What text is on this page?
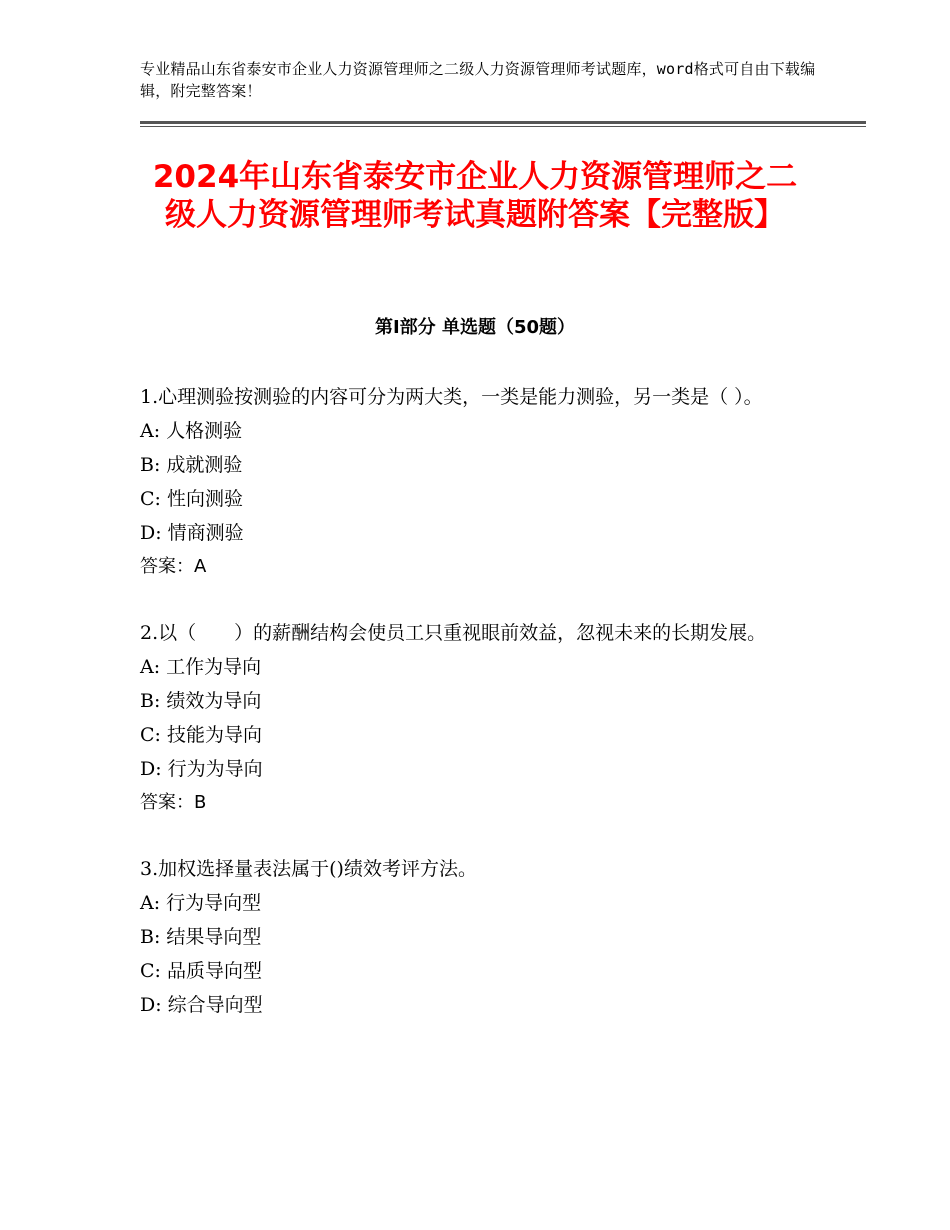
专业精品山东省泰安市企业人力资源管理师之二级人力资源管理师考试题库，word格式可自由下载编辑，附完整答案！
2024年山东省泰安市企业人力资源管理师之二级人力资源管理师考试真题附答案【完整版】
第Ⅰ部分 单选题（50题）

1.心理测验按测验的内容可分为两大类，一类是能力测验，另一类是（ ）。

A: 人格测验

B: 成就测验

C: 性向测验

D: 情商测验

答案：A

2.以（　　）的薪酬结构会使员工只重视眼前效益，忽视未来的长期发展。

A: 工作为导向

B: 绩效为导向

C: 技能为导向

D: 行为为导向

答案：B

3.加权选择量表法属于()绩效考评方法。

A: 行为导向型

B: 结果导向型

C: 品质导向型

D: 综合导向型
